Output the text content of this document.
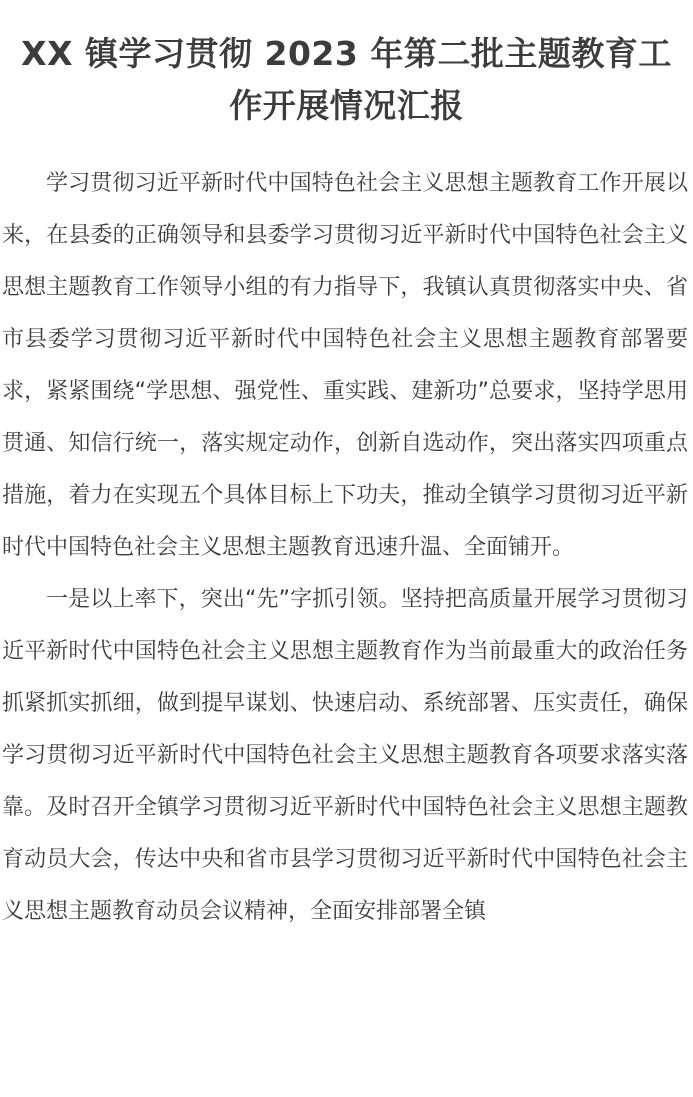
XX 镇学习贯彻 2023 年第二批主题教育工
作开展情况汇报

学习贯彻习近平新时代中国特色社会主义思想主题教育工作开展以来，在县委的正确领导和县委学习贯彻习近平新时代中国特色社会主义思想主题教育工作领导小组的有力指导下，我镇认真贯彻落实中央、省市县委学习贯彻习近平新时代中国特色社会主义思想主题教育部署要求，紧紧围绕“学思想、强党性、重实践、建新功”总要求，坚持学思用贯通、知信行统一，落实规定动作，创新自选动作，突出落实四项重点措施，着力在实现五个具体目标上下功夫，推动全镇学习贯彻习近平新时代中国特色社会主义思想主题教育迅速升温、全面铺开。

一是以上率下，突出“先”字抓引领。坚持把高质量开展学习贯彻习近平新时代中国特色社会主义思想主题教育作为当前最重大的政治任务抓紧抓实抓细，做到提早谋划、快速启动、系统部署、压实责任，确保学习贯彻习近平新时代中国特色社会主义思想主题教育各项要求落实落靠。及时召开全镇学习贯彻习近平新时代中国特色社会主义思想主题教育动员大会，传达中央和省市县学习贯彻习近平新时代中国特色社会主义思想主题教育动员会议精神，全面安排部署全镇
